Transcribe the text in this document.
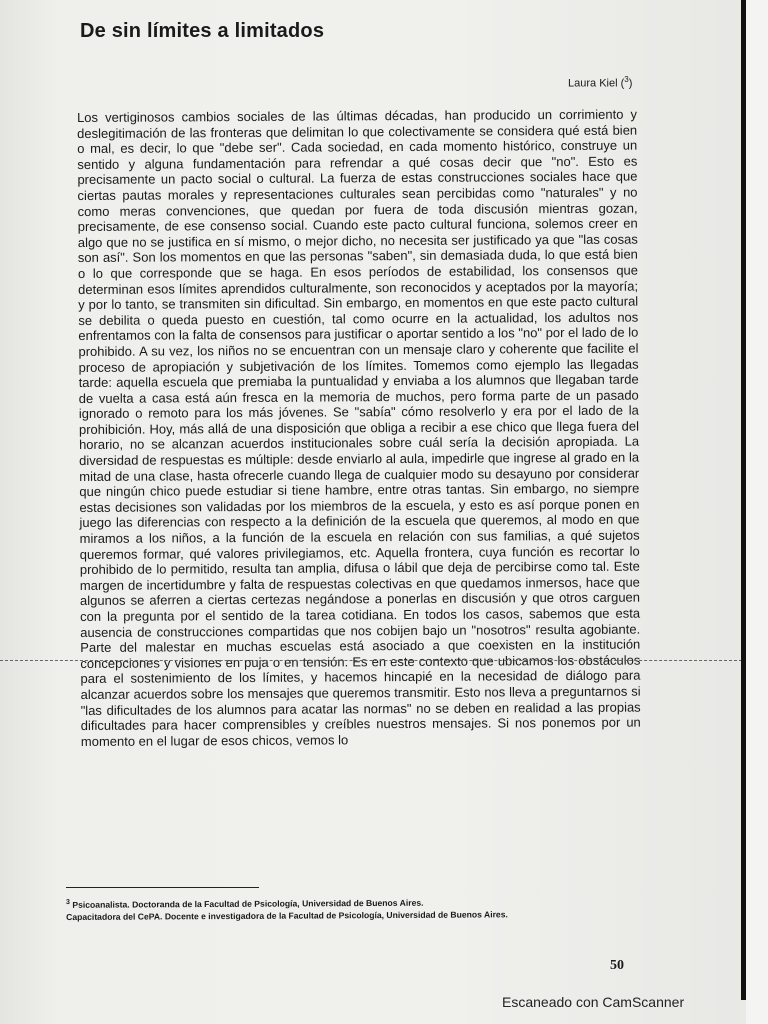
De sin límites a limitados
Laura Kiel ($^3$)

Los vertiginosos cambios sociales de las últimas décadas, han producido un corrimiento y deslegitimación de las fronteras que delimitan lo que colectivamente se considera qué está bien o mal, es decir, lo que "debe ser". Cada sociedad, en cada momento histórico, construye un sentido y alguna fundamentación para refrendar a qué cosas decir que "no". Esto es precisamente un pacto social o cultural. La fuerza de estas construcciones sociales hace que ciertas pautas morales y representaciones culturales sean percibidas como "naturales" y no como meras convenciones, que quedan por fuera de toda discusión mientras gozan, precisamente, de ese consenso social. Cuando este pacto cultural funciona, solemos creer en algo que no se justifica en sí mismo, o mejor dicho, no necesita ser justificado ya que "las cosas son así". Son los momentos en que las personas "saben", sin demasiada duda, lo que está bien o lo que corresponde que se haga. En esos períodos de estabilidad, los consensos que determinan esos límites aprendidos culturalmente, son reconocidos y aceptados por la mayoría; y por lo tanto, se transmiten sin dificultad. Sin embargo, en momentos en que este pacto cultural se debilita o queda puesto en cuestión, tal como ocurre en la actualidad, los adultos nos enfrentamos con la falta de consensos para justificar o aportar sentido a los "no" por el lado de lo prohibido. A su vez, los niños no se encuentran con un mensaje claro y coherente que facilite el proceso de apropiación y subjetivación de los límites. Tomemos como ejemplo las llegadas tarde: aquella escuela que premiaba la puntualidad y enviaba a los alumnos que llegaban tarde de vuelta a casa está aún fresca en la memoria de muchos, pero forma parte de un pasado ignorado o remoto para los más jóvenes. Se "sabía" cómo resolverlo y era por el lado de la prohibición. Hoy, más allá de una disposición que obliga a recibir a ese chico que llega fuera del horario, no se alcanzan acuerdos institucionales sobre cuál sería la decisión apropiada. La diversidad de respuestas es múltiple: desde enviarlo al aula, impedirle que ingrese al grado en la mitad de una clase, hasta ofrecerle cuando llega de cualquier modo su desayuno por considerar que ningún chico puede estudiar si tiene hambre, entre otras tantas. Sin embargo, no siempre estas decisiones son validadas por los miembros de la escuela, y esto es así porque ponen en juego las diferencias con respecto a la definición de la escuela que queremos, al modo en que miramos a los niños, a la función de la escuela en relación con sus familias, a qué sujetos queremos formar, qué valores privilegiamos, etc. Aquella frontera, cuya función es recortar lo prohibido de lo permitido, resulta tan amplia, difusa o lábil que deja de percibirse como tal. Este margen de incertidumbre y falta de respuestas colectivas en que quedamos inmersos, hace que algunos se aferren a ciertas certezas negándose a ponerlas en discusión y que otros carguen con la pregunta por el sentido de la tarea cotidiana. En todos los casos, sabemos que esta ausencia de construcciones compartidas que nos cobijen bajo un "nosotros" resulta agobiante. Parte del malestar en muchas escuelas está asociado a que coexisten en la institución concepciones y visiones en puja o en tensión. Es en este contexto que ubicamos los obstáculos para el sostenimiento de los límites, y hacemos hincapié en la necesidad de diálogo para alcanzar acuerdos sobre los mensajes que queremos transmitir. Esto nos lleva a preguntarnos si "las dificultades de los alumnos para acatar las normas" no se deben en realidad a las propias dificultades para hacer comprensibles y creíbles nuestros mensajes. Si nos ponemos por un momento en el lugar de esos chicos, vemos lo

$^3$ Psicoanalista. Doctoranda de la Facultad de Psicología, Universidad de Buenos Aires.
Capacitadora del CePA. Docente e investigadora de la Facultad de Psicología, Universidad de Buenos Aires.
50
Escaneado con CamScanner
